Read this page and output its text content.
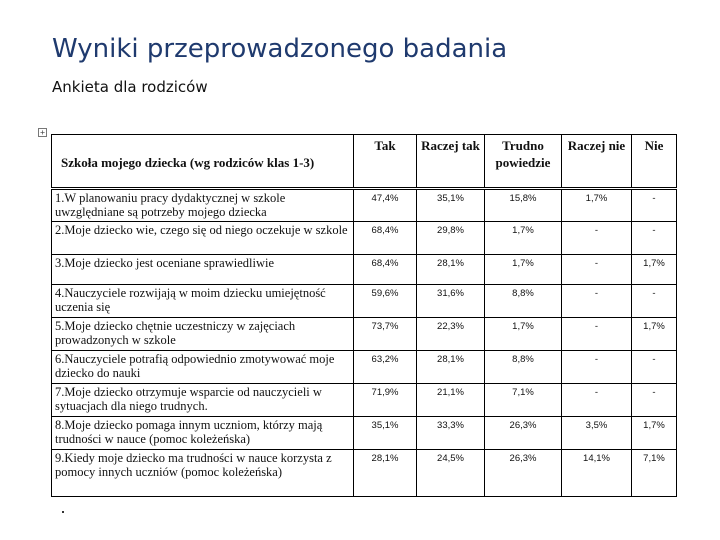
Wyniki przeprowadzonego badania
Ankieta dla rodziców
+
Szkoła mojego dziecka (wg rodziców klas 1-3)	Tak	Raczej tak	Trudno powiedzie	Raczej nie	Nie
1.W planowaniu pracy dydaktycznej w szkole uwzględniane są potrzeby mojego dziecka	47,4%	35,1%	15,8%	1,7%	-
2.Moje dziecko wie, czego się od niego oczekuje w szkole	68,4%	29,8%	1,7%	-	-
3.Moje dziecko jest oceniane sprawiedliwie	68,4%	28,1%	1,7%	-	1,7%
4.Nauczyciele rozwijają w moim dziecku umiejętność uczenia się	59,6%	31,6%	8,8%	-	-
5.Moje dziecko chętnie uczestniczy w zajęciach prowadzonych w szkole	73,7%	22,3%	1,7%	-	1,7%
6.Nauczyciele potrafią odpowiednio zmotywować moje dziecko do nauki	63,2%	28,1%	8,8%	-	-
7.Moje dziecko otrzymuje wsparcie od nauczycieli w sytuacjach dla niego trudnych.	71,9%	21,1%	7,1%	-	-
8.Moje dziecko pomaga innym uczniom, którzy mają trudności w nauce (pomoc koleżeńska)	35,1%	33,3%	26,3%	3,5%	1,7%
9.Kiedy moje dziecko ma trudności w nauce korzysta z pomocy innych uczniów (pomoc koleżeńska)	28,1%	24,5%	26,3%	14,1%	7,1%
